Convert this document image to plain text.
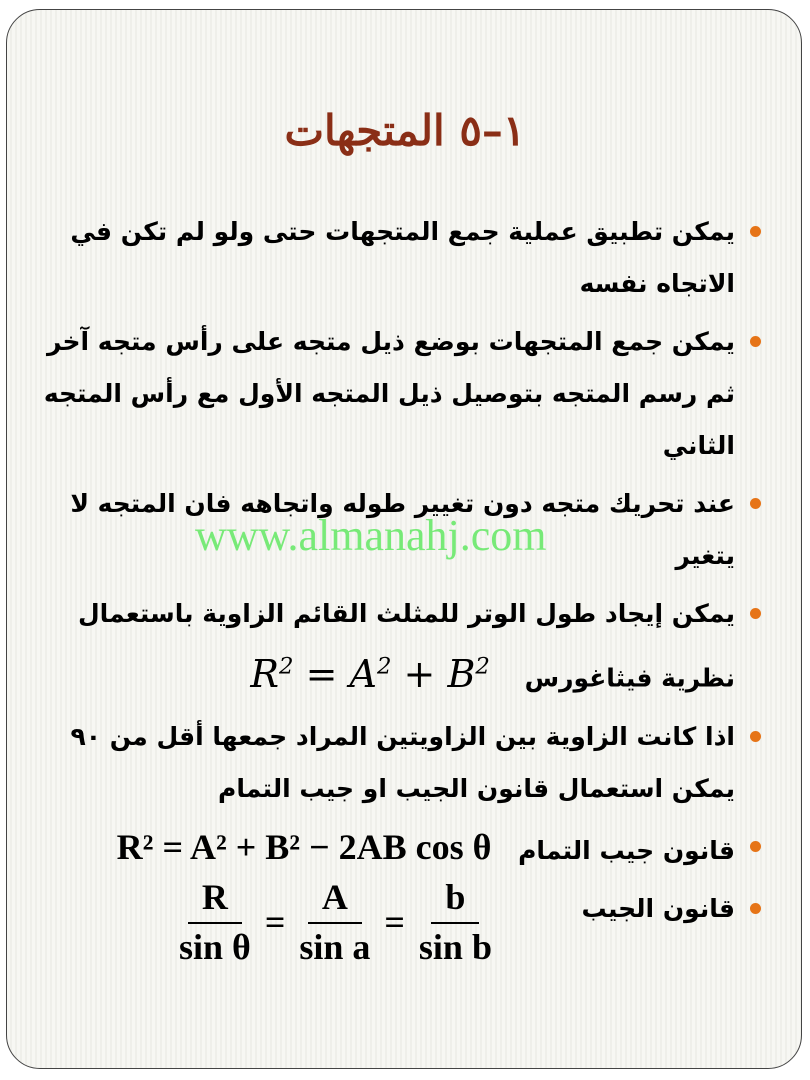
١–٥ المتجهات
يمكن تطبيق عملية جمع المتجهات حتى ولو لم تكن في الاتجاه نفسه
يمكن جمع المتجهات بوضع ذيل متجه على رأس متجه آخر ثم رسم المتجه بتوصيل ذيل المتجه الأول مع رأس المتجه الثاني
عند تحريك متجه دون تغيير طوله واتجاهه فان المتجه لا يتغير
يمكن إيجاد طول الوتر للمثلث القائم الزاوية باستعمال نظرية فيثاغورس $R^2 = A^2 + B^2$
اذا كانت الزاوية بين الزاويتين المراد جمعها أقل من ٩٠ يمكن استعمال قانون الجيب او جيب التمام
قانون جيب التمام R² = A² + B² − 2AB cos θ
قانون الجيب
$\frac{R}{\text{sin θ}} = \frac{A}{\text{sin a}} = \frac{b}{\text{sin b}}$
www.almanahj.com
